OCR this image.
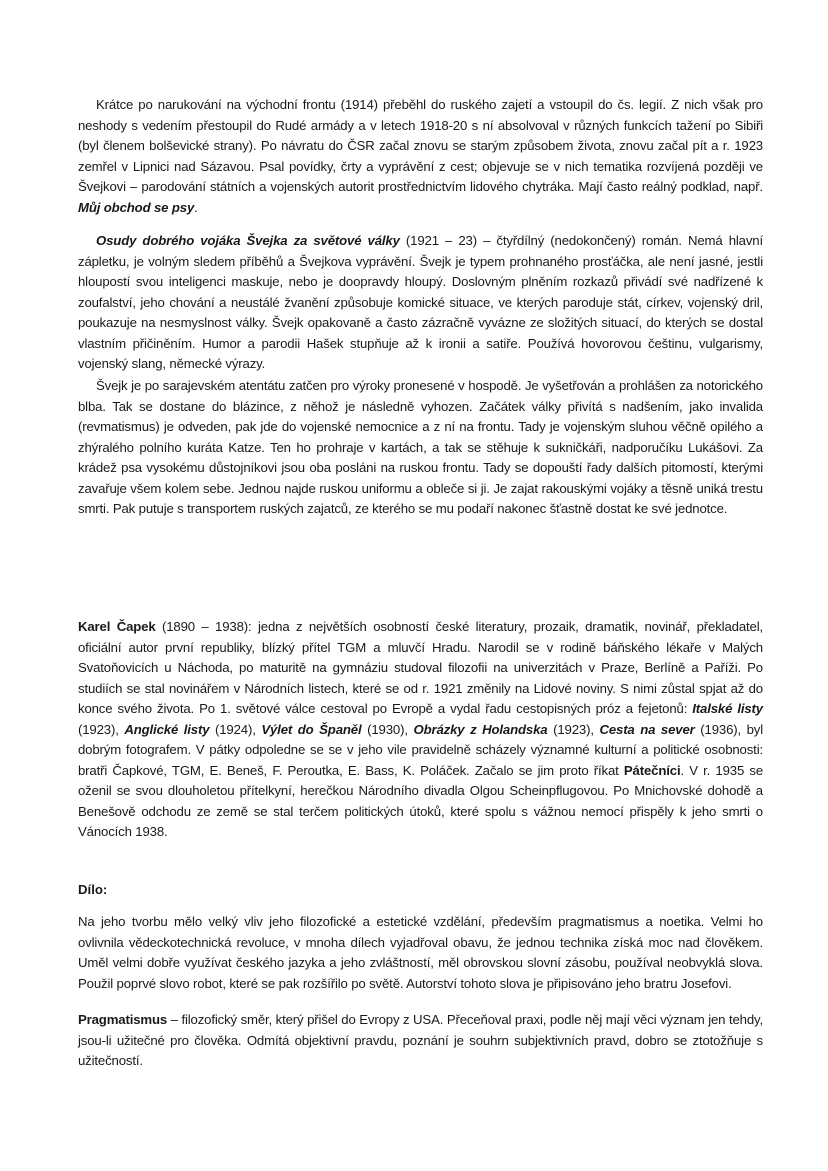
Krátce po narukování na východní frontu (1914) přeběhl do ruského zajetí a vstoupil do čs. legií. Z nich však pro neshody s vedením přestoupil do Rudé armády a v letech 1918-20 s ní absolvoval v různých funkcích tažení po Sibiři (byl členem bolševické strany). Po návratu do ČSR začal znovu se starým způsobem života, znovu začal pít a r. 1923 zemřel v Lipnici nad Sázavou. Psal povídky, črty a vyprávění z cest; objevuje se v nich tematika rozvíjená později ve Švejkovi – parodování státních a vojenských autorit prostřednictvím lidového chytráka. Mají často reálný podklad, např. Můj obchod se psy.

Osudy dobrého vojáka Švejka za světové války (1921 – 23) – čtyřdílný (nedokončený) román. Nemá hlavní zápletku, je volným sledem příběhů a Švejkova vyprávění. Švejk je typem prohnaného prosťáčka, ale není jasné, jestli hloupostí svou inteligenci maskuje, nebo je doopravdy hloupý. Doslovným plněním rozkazů přivádí své nadřízené k zoufalství, jeho chování a neustálé žvanění způsobuje komické situace, ve kterých paroduje stát, církev, vojenský dril, poukazuje na nesmyslnost války. Švejk opakovaně a často zázračně vyvázne ze složitých situací, do kterých se dostal vlastním přičiněním. Humor a parodii Hašek stupňuje až k ironii a satiře. Používá hovorovou češtinu, vulgarismy, vojenský slang, německé výrazy.

Švejk je po sarajevském atentátu zatčen pro výroky pronesené v hospodě. Je vyšetřován a prohlášen za notorického blba. Tak se dostane do blázince, z něhož je následně vyhozen. Začátek války přivítá s nadšením, jako invalida (revmatismus) je odveden, pak jde do vojenské nemocnice a z ní na frontu. Tady je vojenským sluhou věčně opilého a zhýralého polního kuráta Katze. Ten ho prohraje v kartách, a tak se stěhuje k sukničkáři, nadporučíku Lukášovi. Za krádež psa vysokému důstojníkovi jsou oba posláni na ruskou frontu. Tady se dopouští řady dalších pitomostí, kterými zavařuje všem kolem sebe. Jednou najde ruskou uniformu a obleče si ji. Je zajat rakouskými vojáky a těsně uniká trestu smrti. Pak putuje s transportem ruských zajatců, ze kterého se mu podaří nakonec šťastně dostat ke své jednotce.

Karel Čapek (1890 – 1938): jedna z největších osobností české literatury, prozaik, dramatik, novinář, překladatel, oficiální autor první republiky, blízký přítel TGM a mluvčí Hradu. Narodil se v rodině báňského lékaře v Malých Svatoňovicích u Náchoda, po maturitě na gymnáziu studoval filozofii na univerzitách v Praze, Berlíně a Paříži. Po studiích se stal novinářem v Národních listech, které se od r. 1921 změnily na Lidové noviny. S nimi zůstal spjat až do konce svého života. Po 1. světové válce cestoval po Evropě a vydal řadu cestopisných próz a fejetonů: Italské listy (1923), Anglické listy (1924), Výlet do Španěl (1930), Obrázky z Holandska (1923), Cesta na sever (1936), byl dobrým fotografem. V pátky odpoledne se se v jeho vile pravidelně scházely významné kulturní a politické osobnosti: bratři Čapkové, TGM, E. Beneš, F. Peroutka, E. Bass, K. Poláček. Začalo se jim proto říkat Pátečníci. V r. 1935 se oženil se svou dlouholetou přítelkyní, herečkou Národního divadla Olgou Scheinpflugovou. Po Mnichovské dohodě a Benešově odchodu ze země se stal terčem politických útoků, které spolu s vážnou nemocí přispěly k jeho smrti o Vánocích 1938.

Dílo:

Na jeho tvorbu mělo velký vliv jeho filozofické a estetické vzdělání, především pragmatismus a noetika. Velmi ho ovlivnila vědeckotechnická revoluce, v mnoha dílech vyjadřoval obavu, že jednou technika získá moc nad člověkem. Uměl velmi dobře využívat českého jazyka a jeho zvláštností, měl obrovskou slovní zásobu, používal neobvyklá slova. Použil poprvé slovo robot, které se pak rozšířilo po světě. Autorství tohoto slova je připisováno jeho bratru Josefovi.

Pragmatismus – filozofický směr, který přišel do Evropy z USA. Přeceňoval praxi, podle něj mají věci význam jen tehdy, jsou-li užitečné pro člověka. Odmítá objektivní pravdu, poznání je souhrn subjektivních pravd, dobro se ztotožňuje s užitečností.
